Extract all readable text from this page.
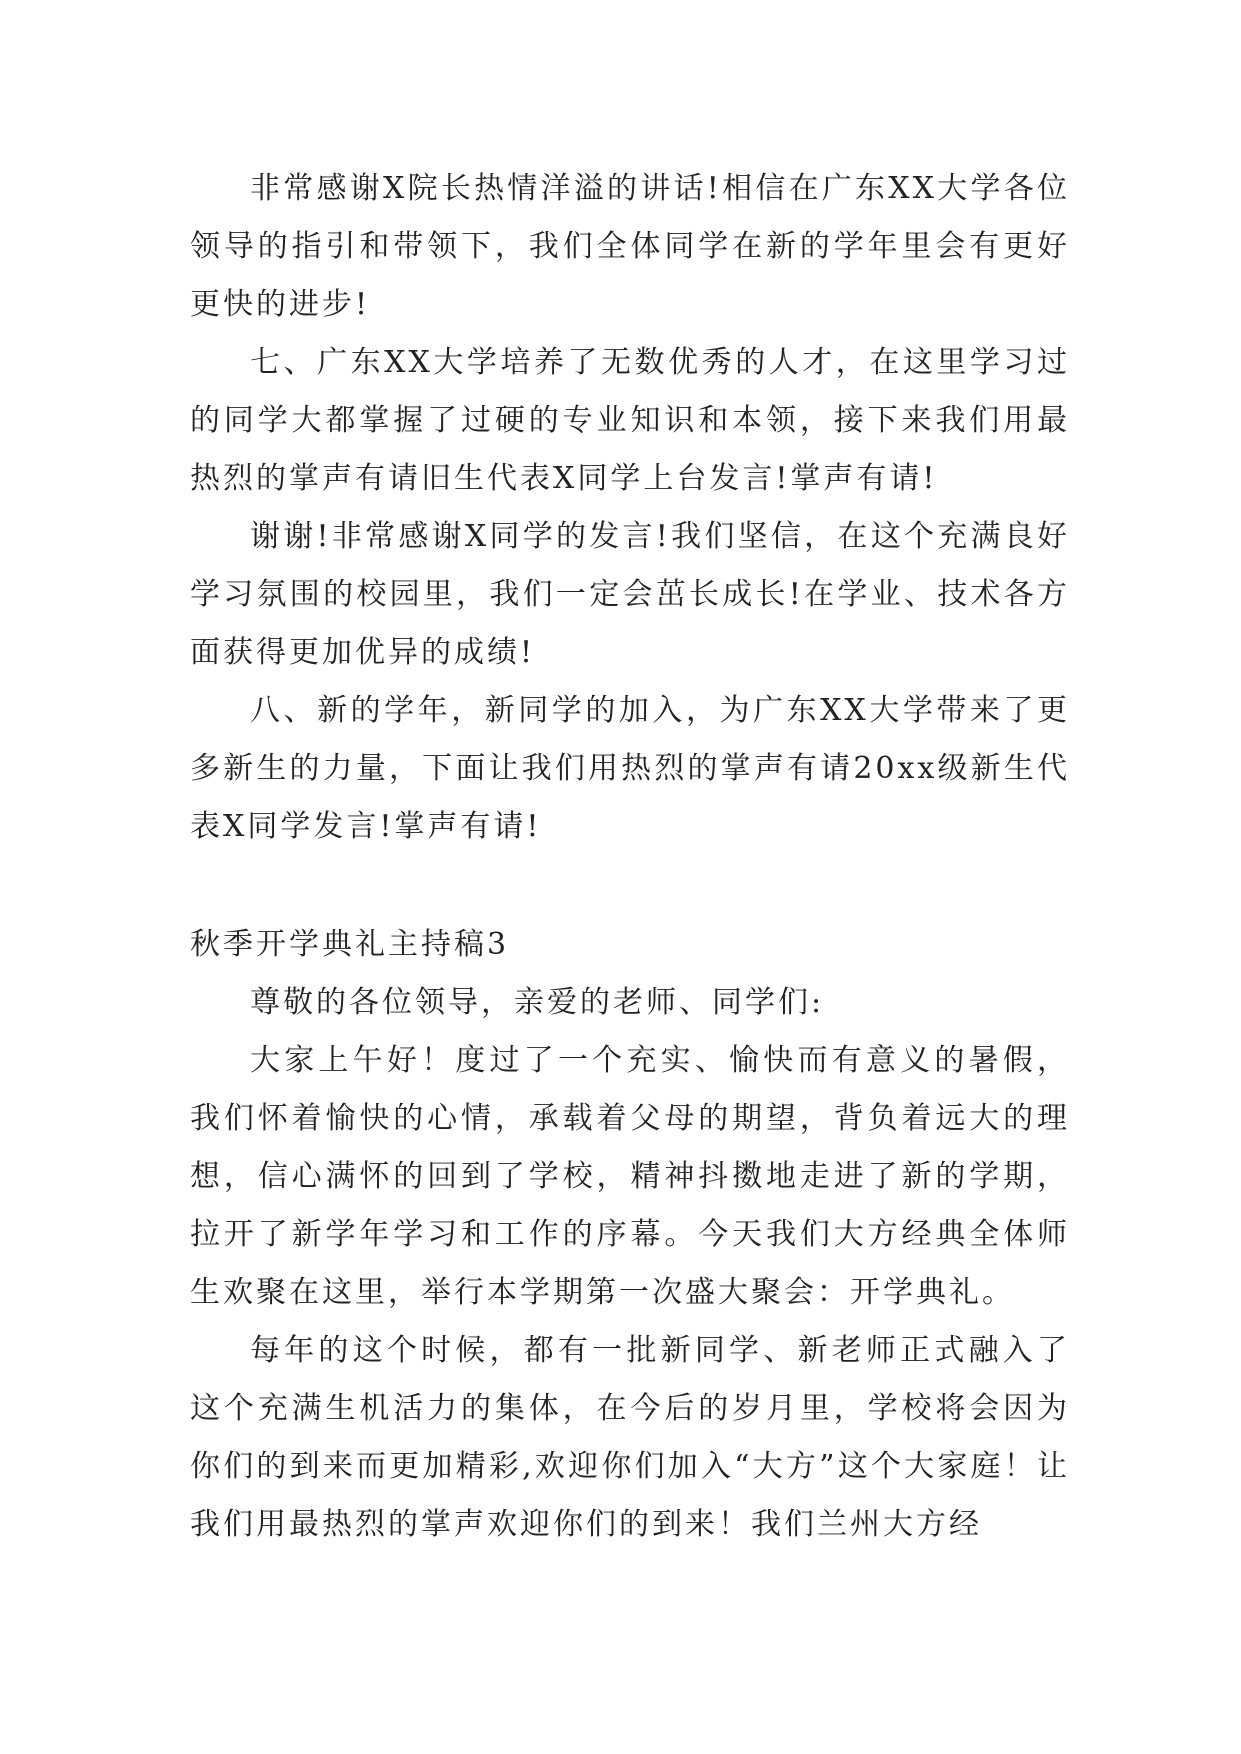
非常感谢X院长热情洋溢的讲话!相信在广东XX大学各位领导的指引和带领下，我们全体同学在新的学年里会有更好更快的进步!

七、广东XX大学培养了无数优秀的人才，在这里学习过的同学大都掌握了过硬的专业知识和本领，接下来我们用最热烈的掌声有请旧生代表X同学上台发言!掌声有请!

谢谢!非常感谢X同学的发言!我们坚信，在这个充满良好学习氛围的校园里，我们一定会茁长成长!在学业、技术各方面获得更加优异的成绩!

八、新的学年，新同学的加入，为广东XX大学带来了更多新生的力量，下面让我们用热烈的掌声有请20xx级新生代表X同学发言!掌声有请!

秋季开学典礼主持稿3

尊敬的各位领导，亲爱的老师、同学们:

大家上午好！度过了一个充实、愉快而有意义的暑假，我们怀着愉快的心情，承载着父母的期望，背负着远大的理想，信心满怀的回到了学校，精神抖擞地走进了新的学期，拉开了新学年学习和工作的序幕。今天我们大方经典全体师生欢聚在这里，举行本学期第一次盛大聚会：开学典礼。

每年的这个时候，都有一批新同学、新老师正式融入了这个充满生机活力的集体，在今后的岁月里，学校将会因为你们的到来而更加精彩,欢迎你们加入“大方”这个大家庭！让我们用最热烈的掌声欢迎你们的到来！我们兰州大方经
